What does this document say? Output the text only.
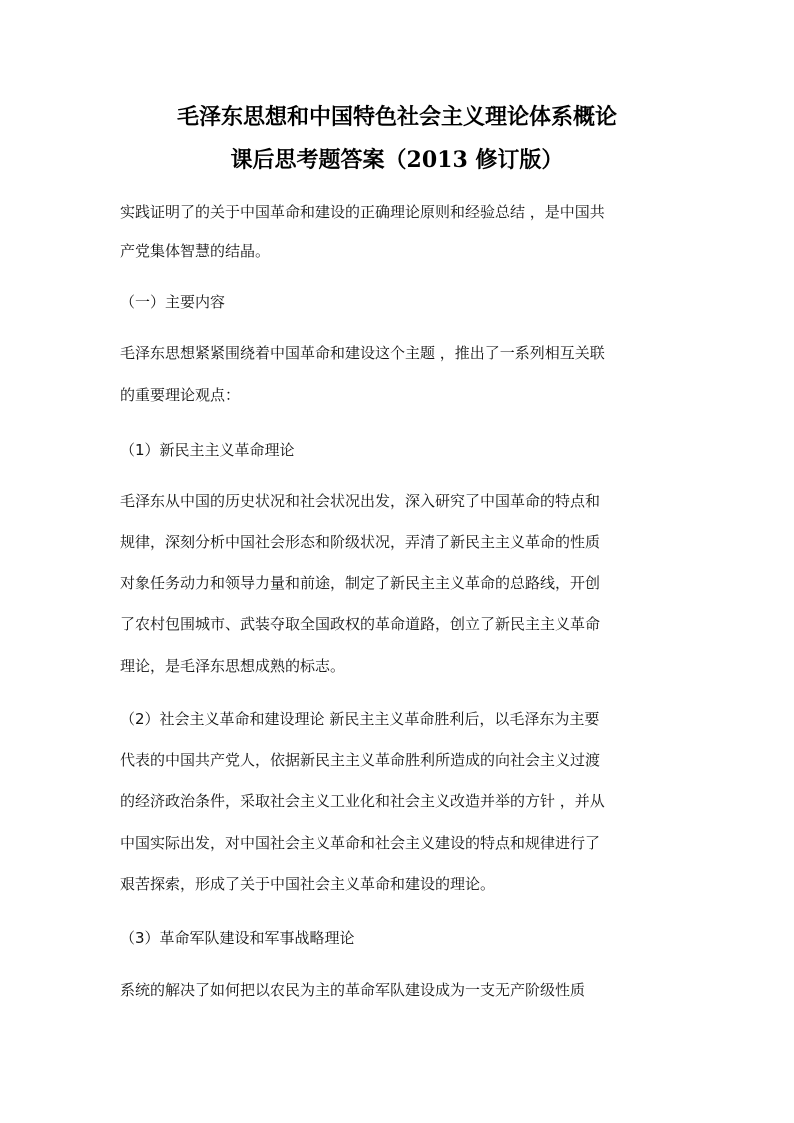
毛泽东思想和中国特色社会主义理论体系概论
课后思考题答案（2013 修订版）
实践证明了的关于中国革命和建设的正确理论原则和经验总结 ，是中国共
产党集体智慧的结晶。
（一）主要内容
毛泽东思想紧紧围绕着中国革命和建设这个主题 ，推出了一系列相互关联
的重要理论观点：
（1）新民主主义革命理论
毛泽东从中国的历史状况和社会状况出发，深入研究了中国革命的特点和
规律，深刻分析中国社会形态和阶级状况，弄清了新民主主义革命的性质
对象任务动力和领导力量和前途，制定了新民主主义革命的总路线，开创
了农村包围城市、武装夺取全国政权的革命道路，创立了新民主主义革命
理论，是毛泽东思想成熟的标志。
（2）社会主义革命和建设理论 新民主主义革命胜利后，以毛泽东为主要
代表的中国共产党人，依据新民主主义革命胜利所造成的向社会主义过渡
的经济政治条件，采取社会主义工业化和社会主义改造并举的方针 ，并从
中国实际出发，对中国社会主义革命和社会主义建设的特点和规律进行了
艰苦探索，形成了关于中国社会主义革命和建设的理论。
（3）革命军队建设和军事战略理论
系统的解决了如何把以农民为主的革命军队建设成为一支无产阶级性质
